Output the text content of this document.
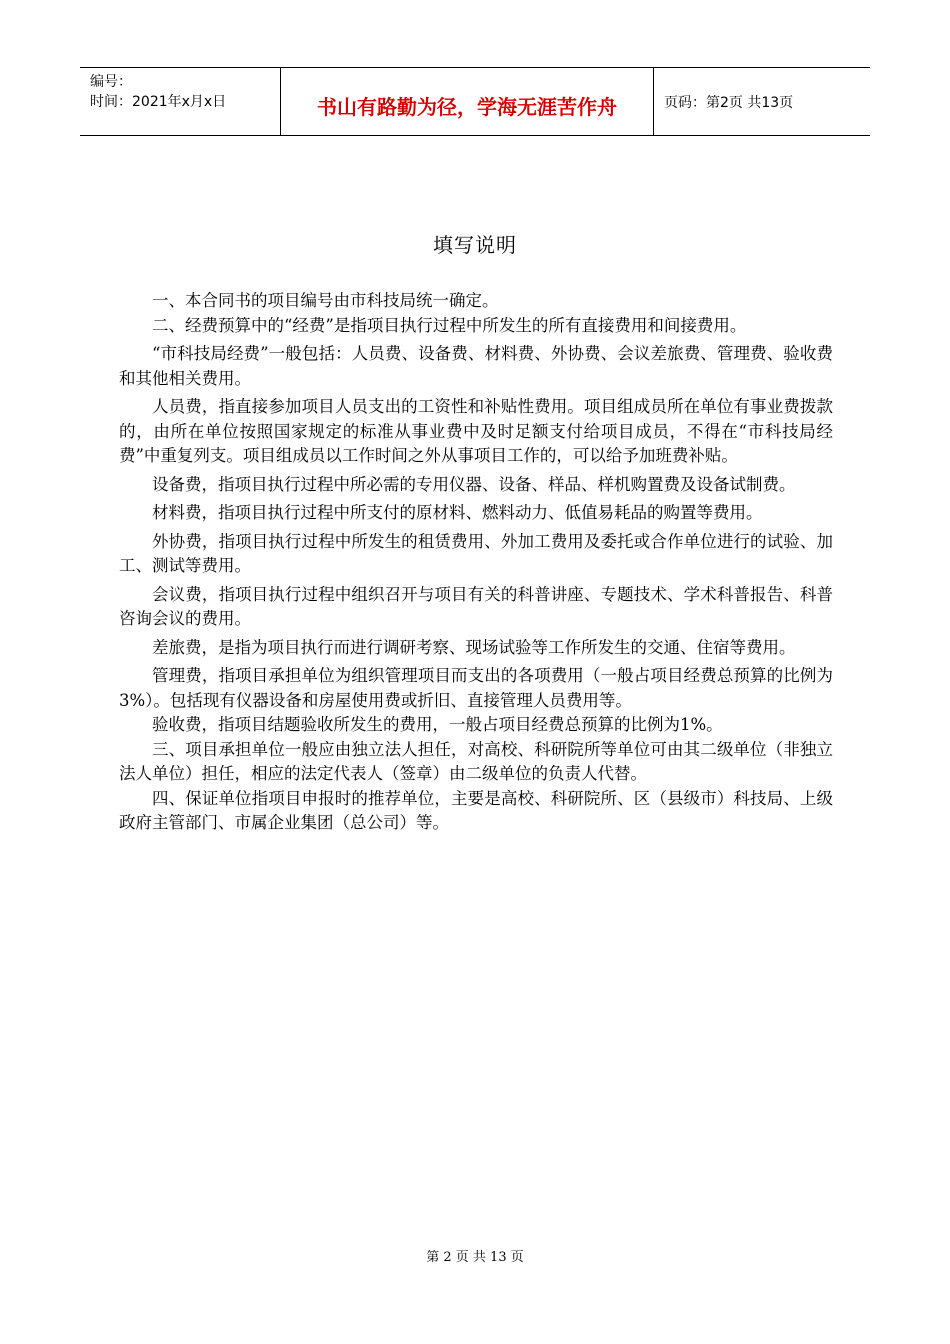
编号：
时间：2021年x月x日	书山有路勤为径，学海无涯苦作舟	页码：第2页 共13页
填写说明

一、本合同书的项目编号由市科技局统一确定。

二、经费预算中的“经费”是指项目执行过程中所发生的所有直接费用和间接费用。

“市科技局经费”一般包括：人员费、设备费、材料费、外协费、会议差旅费、管理费、验收费和其他相关费用。

人员费，指直接参加项目人员支出的工资性和补贴性费用。项目组成员所在单位有事业费拨款的，由所在单位按照国家规定的标准从事业费中及时足额支付给项目成员，不得在“市科技局经费”中重复列支。项目组成员以工作时间之外从事项目工作的，可以给予加班费补贴。

设备费，指项目执行过程中所必需的专用仪器、设备、样品、样机购置费及设备试制费。

材料费，指项目执行过程中所支付的原材料、燃料动力、低值易耗品的购置等费用。

外协费，指项目执行过程中所发生的租赁费用、外加工费用及委托或合作单位进行的试验、加工、测试等费用。

会议费，指项目执行过程中组织召开与项目有关的科普讲座、专题技术、学术科普报告、科普咨询会议的费用。

差旅费，是指为项目执行而进行调研考察、现场试验等工作所发生的交通、住宿等费用。

管理费，指项目承担单位为组织管理项目而支出的各项费用（一般占项目经费总预算的比例为3%）。包括现有仪器设备和房屋使用费或折旧、直接管理人员费用等。

验收费，指项目结题验收所发生的费用，一般占项目经费总预算的比例为1%。

三、项目承担单位一般应由独立法人担任，对高校、科研院所等单位可由其二级单位（非独立法人单位）担任，相应的法定代表人（签章）由二级单位的负责人代替。

四、保证单位指项目申报时的推荐单位，主要是高校、科研院所、区（县级市）科技局、上级政府主管部门、市属企业集团（总公司）等。

第 2 页 共 13 页
